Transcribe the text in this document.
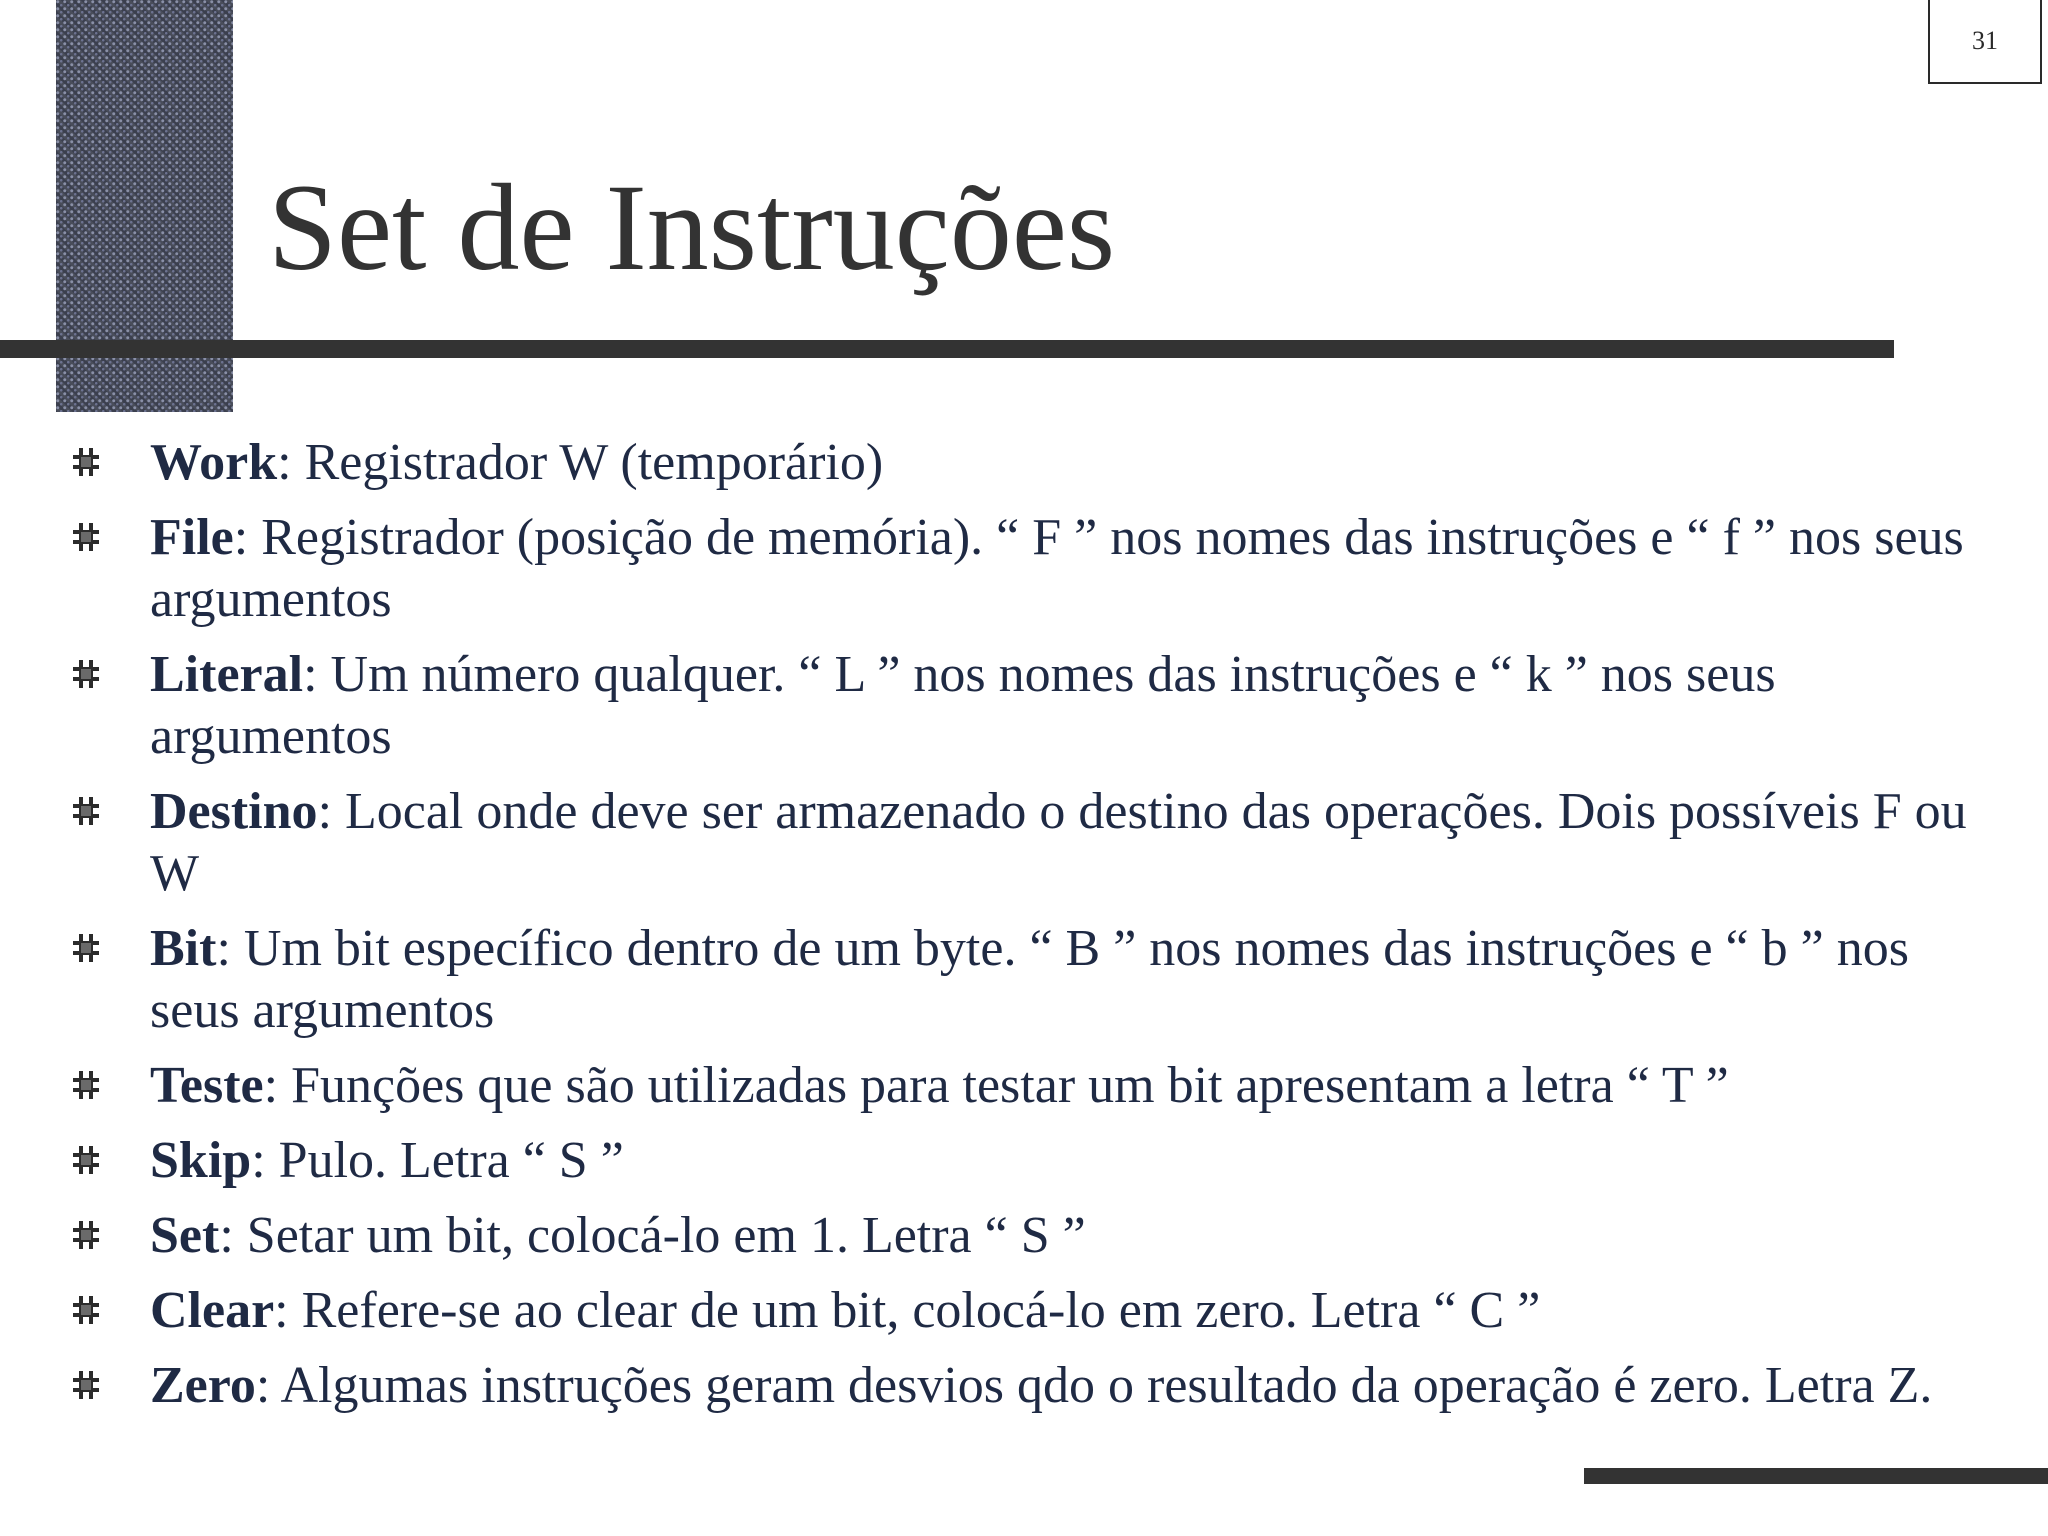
31
Set de Instruções
Work: Registrador W (temporário)
File: Registrador (posição de memória). “ F ” nos nomes das instruções e “ f ” nos seus argumentos
Literal: Um número qualquer. “ L ” nos nomes das instruções e “ k ” nos seus argumentos
Destino: Local onde deve ser armazenado o destino das operações. Dois possíveis F ou W
Bit: Um bit específico dentro de um byte. “ B ” nos nomes das instruções e “ b ” nos seus argumentos
Teste: Funções que são utilizadas para testar um bit apresentam a letra “ T ”
Skip: Pulo. Letra “ S ”
Set: Setar um bit, colocá-lo em 1. Letra “ S ”
Clear: Refere-se ao clear de um bit, colocá-lo em zero. Letra “ C ”
Zero: Algumas instruções geram desvios qdo o resultado da operação é zero. Letra Z.
